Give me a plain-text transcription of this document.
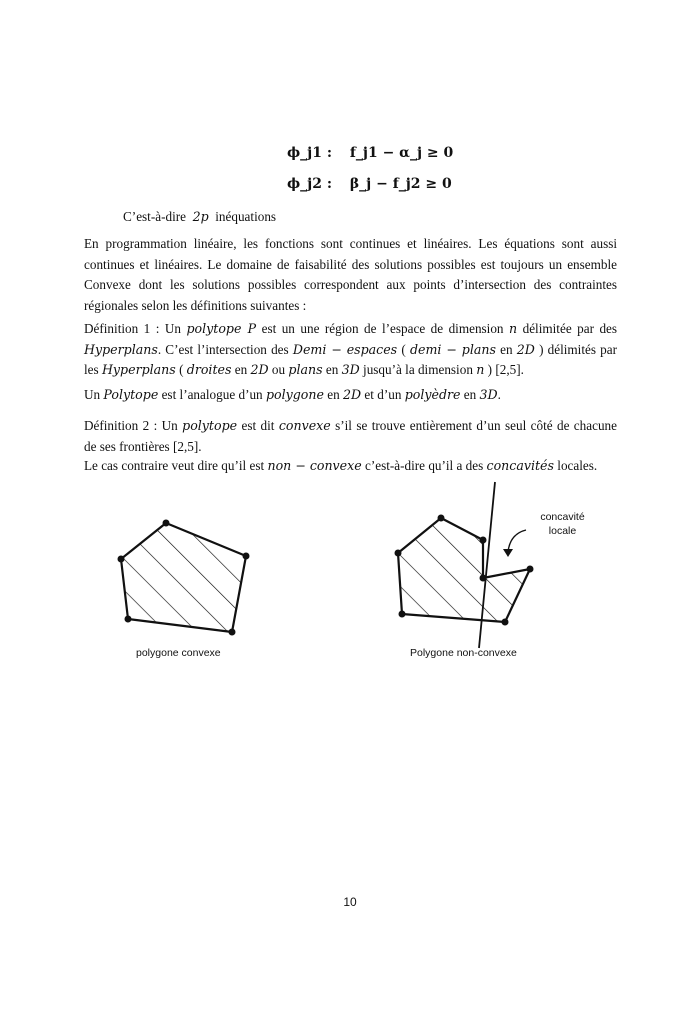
ϕ_j1 : f_j1 − α_j ≥ 0
ϕ_j2 : β_j − f_j2 ≥ 0
C’est-à-dire 2p inéquations
En programmation linéaire, les fonctions sont continues et linéaires. Les équations sont aussi
continues et linéaires. Le domaine de faisabilité des solutions possibles est toujours un ensemble
Convexe dont les solutions possibles correspondent aux points d’intersection des contraintes
régionales selon les définitions suivantes :
Définition 1 : Un polytope P est un une région de l’espace de dimension n délimitée par des
Hyperplans. C’est l’intersection des Demi − espaces ( demi − plans en 2D ) délimités par
les Hyperplans ( droites en 2D ou plans en 3D jusqu’à la dimension n ) [2,5].
Un Polytope est l’analogue d’un polygone en 2D et d’un polyèdre en 3D.
Définition 2 : Un polytope est dit convexe s’il se trouve entièrement d’un seul côté de chacune
de ses frontières [2,5].
Le cas contraire veut dire qu’il est non − convexe c’est-à-dire qu’il a des concavités locales.
concavité
locale
polygone convexe	Polygone non-convexe
10
